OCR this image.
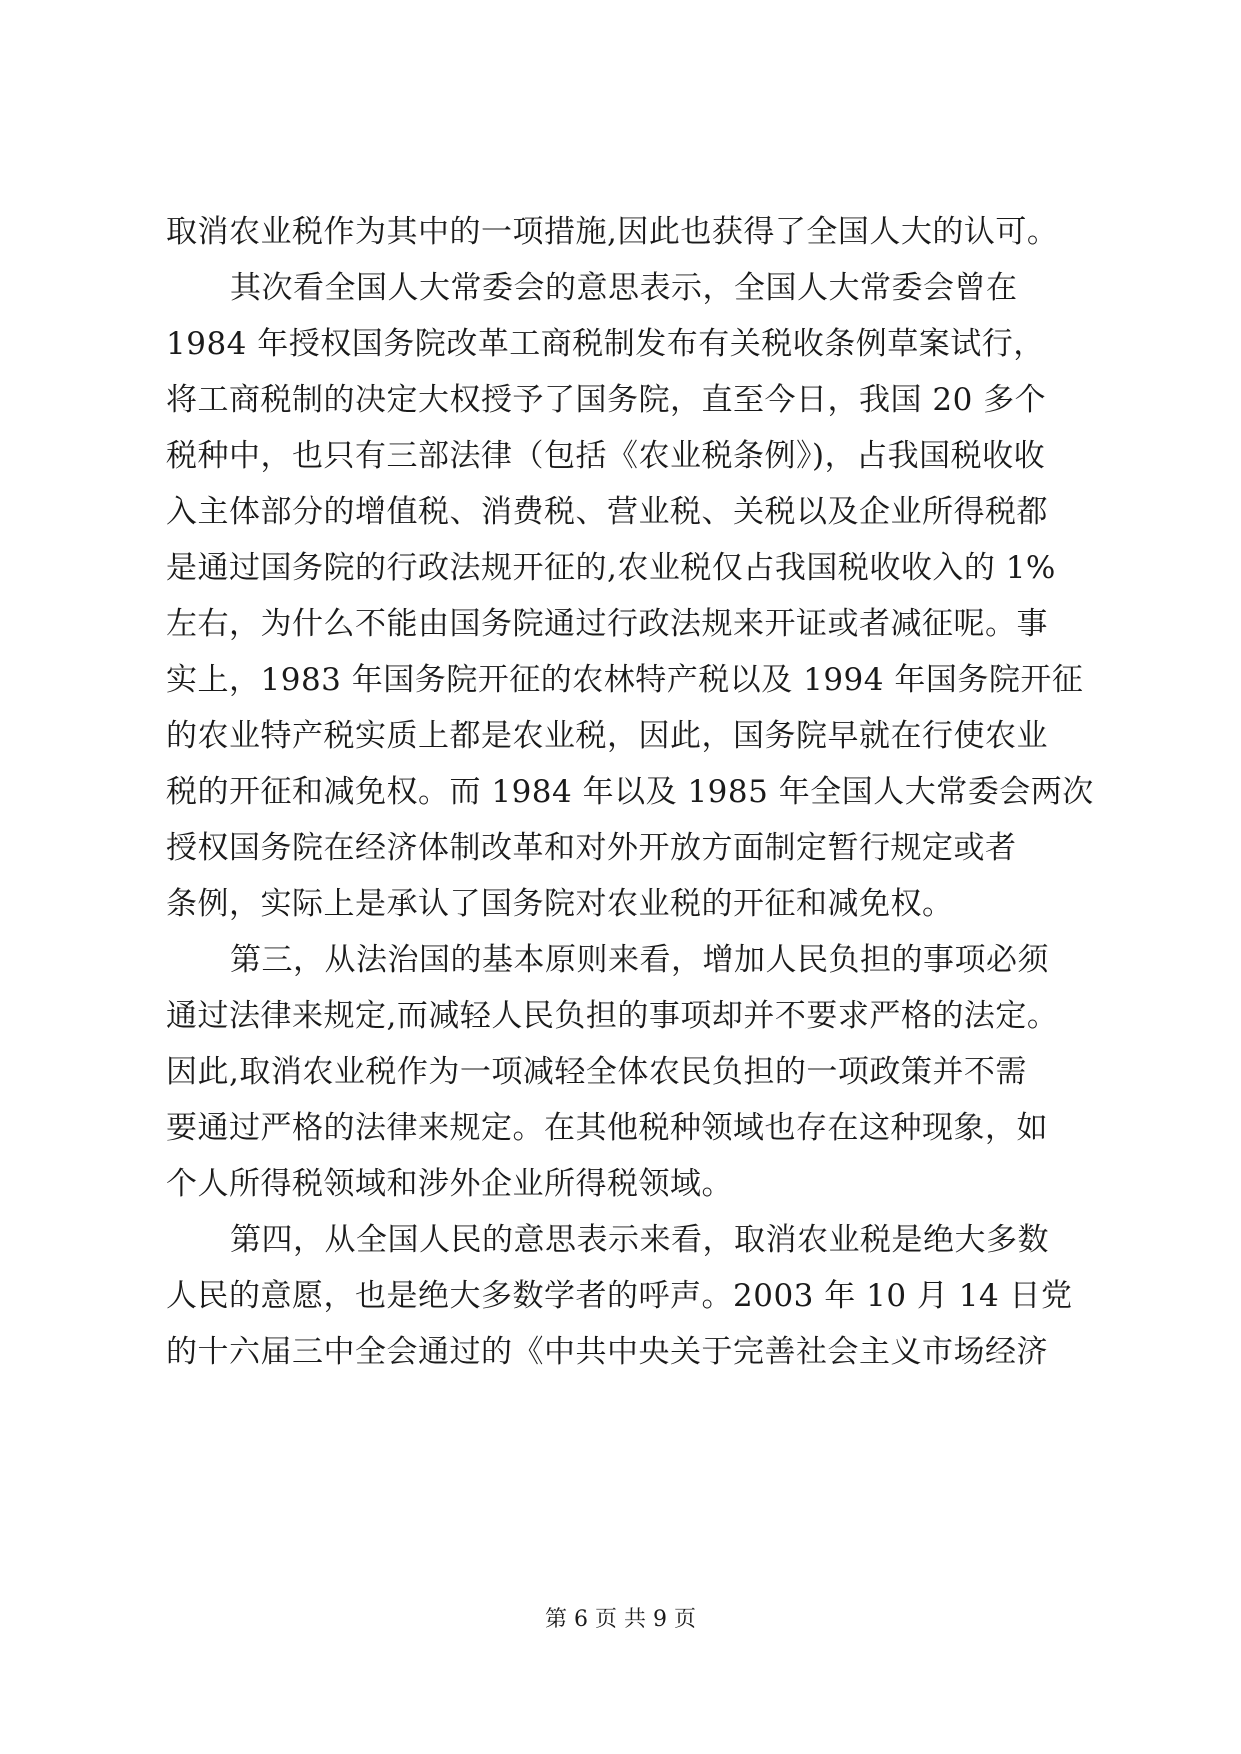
取消农业税作为其中的一项措施,因此也获得了全国人大的认可。
其次看全国人大常委会的意思表示，全国人大常委会曾在
1984 年授权国务院改革工商税制发布有关税收条例草案试行，
将工商税制的决定大权授予了国务院，直至今日，我国 20 多个
税种中，也只有三部法律（包括《农业税条例》)，占我国税收收
入主体部分的增值税、消费税、营业税、关税以及企业所得税都
是通过国务院的行政法规开征的,农业税仅占我国税收收入的 1%
左右，为什么不能由国务院通过行政法规来开证或者减征呢。事
实上，1983 年国务院开征的农林特产税以及 1994 年国务院开征
的农业特产税实质上都是农业税，因此，国务院早就在行使农业
税的开征和减免权。而 1984 年以及 1985 年全国人大常委会两次
授权国务院在经济体制改革和对外开放方面制定暂行规定或者
条例，实际上是承认了国务院对农业税的开征和减免权。
第三，从法治国的基本原则来看，增加人民负担的事项必须
通过法律来规定,而减轻人民负担的事项却并不要求严格的法定。
因此,取消农业税作为一项减轻全体农民负担的一项政策并不需
要通过严格的法律来规定。在其他税种领域也存在这种现象，如
个人所得税领域和涉外企业所得税领域。
第四，从全国人民的意思表示来看，取消农业税是绝大多数
人民的意愿，也是绝大多数学者的呼声。2003 年 10 月 14 日党
的十六届三中全会通过的《中共中央关于完善社会主义市场经济
第 6 页 共 9 页
